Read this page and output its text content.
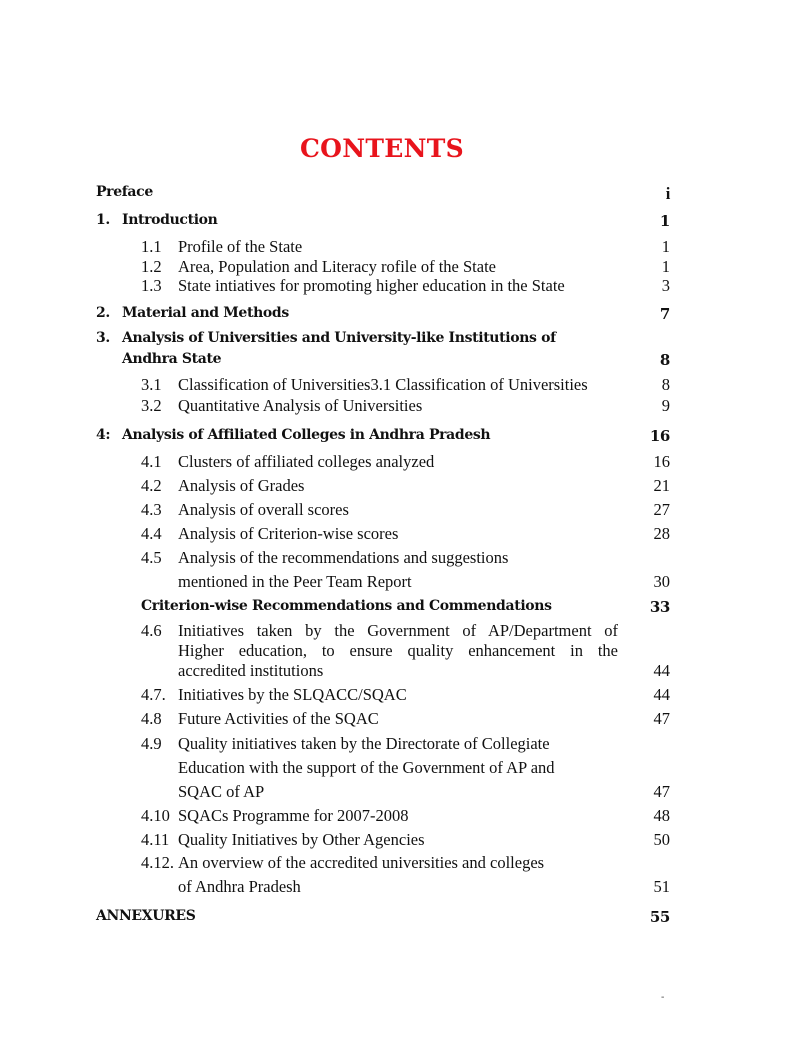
CONTENTS
Preface	i
1. Introduction	1
1.1 Profile of the State	1
1.2 Area, Population and Literacy rofile of the State	1
1.3 State intiatives for promoting higher education in the State	3
2. Material and Methods	7
3. Analysis of Universities and University-like Institutions of
Andhra State	8
3.1 Classification of Universities3.1 Classification of Universities	8
3.2 Quantitative Analysis of Universities	9
4: Analysis of Affiliated Colleges in Andhra Pradesh	16
4.1 Clusters of affiliated colleges analyzed	16
4.2 Analysis of Grades	21
4.3 Analysis of overall scores	27
4.4 Analysis of Criterion-wise scores	28
4.5 Analysis of the recommendations and suggestions
mentioned in the Peer Team Report	30
Criterion-wise Recommendations and Commendations	33
4.6 Initiatives taken by the Government of AP/Department of
Higher education, to ensure quality enhancement in the
accredited institutions	44
4.7. Initiatives by the SLQACC/SQAC	44
4.8 Future Activities of the SQAC	47
4.9 Quality initiatives taken by the Directorate of Collegiate
Education with the support of the Government of AP and
SQAC of AP	47
4.10 SQACs Programme for 2007-2008	48
4.11 Quality Initiatives by Other Agencies	50
4.12. An overview of the accredited universities and colleges
of Andhra Pradesh	51
ANNEXURES	55
-
